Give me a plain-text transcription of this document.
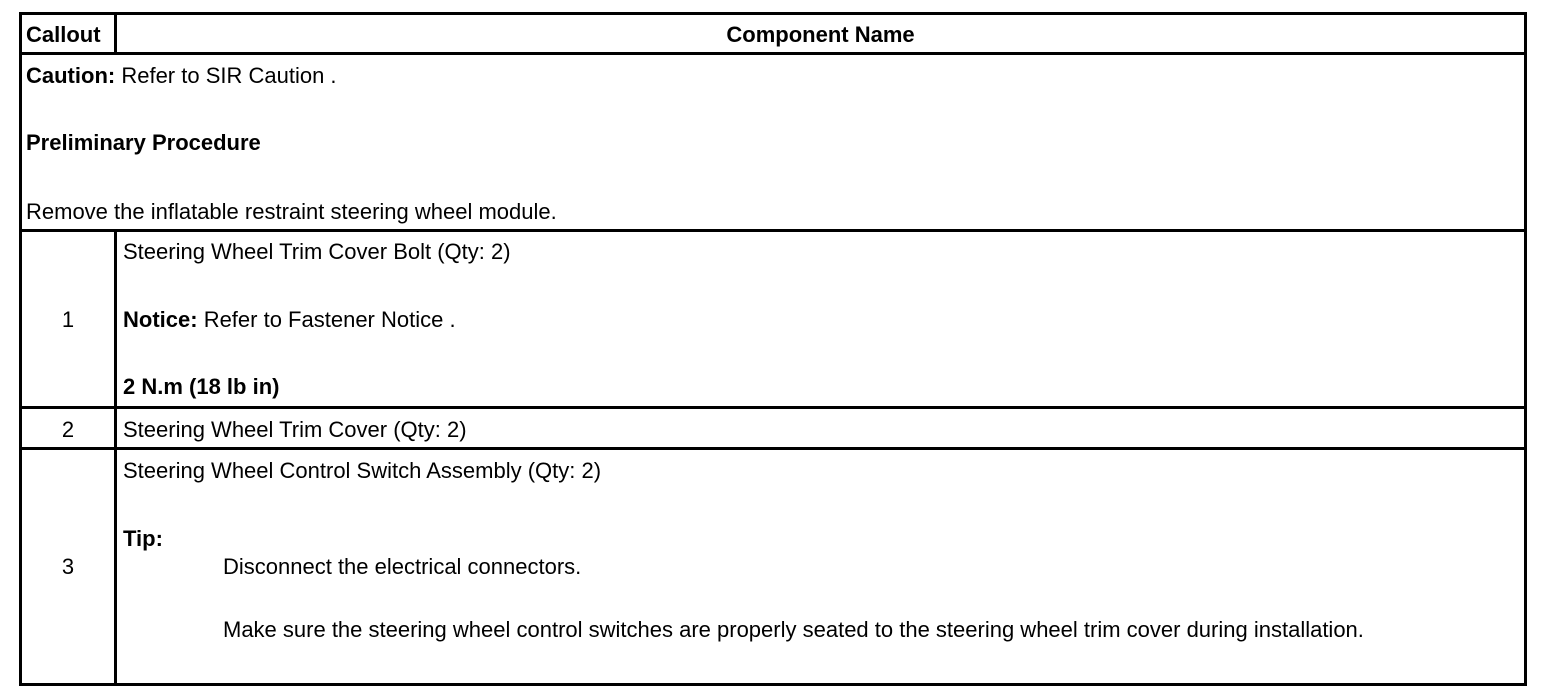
Callout	Component Name
Caution: Refer to SIR Caution .
Preliminary Procedure
Remove the inflatable restraint steering wheel module.
1
Steering Wheel Trim Cover Bolt (Qty: 2)
Notice: Refer to Fastener Notice .
2 N.m (18 lb in)
2	Steering Wheel Trim Cover (Qty: 2)
3
Steering Wheel Control Switch Assembly (Qty: 2)
Tip:
Disconnect the electrical connectors.
Make sure the steering wheel control switches are properly seated to the steering wheel trim cover during installation.
